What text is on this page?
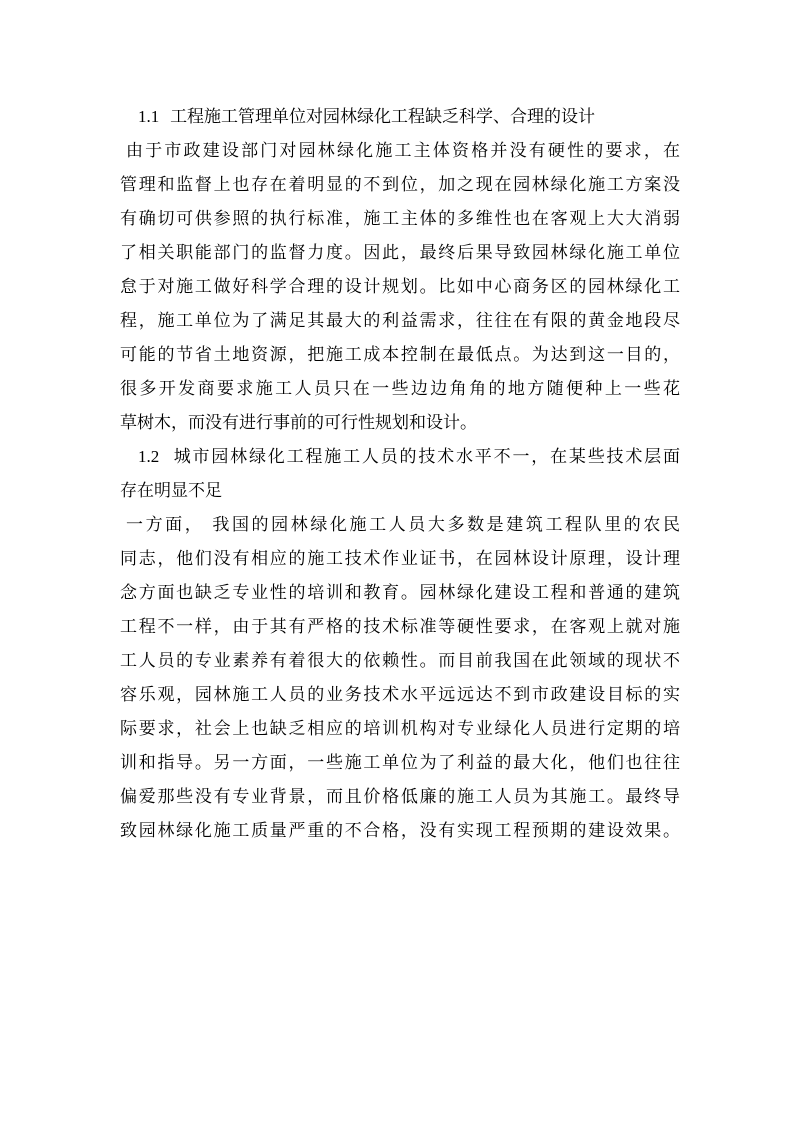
1.1 工程施工管理单位对园林绿化工程缺乏科学、合理的设计
由于市政建设部门对园林绿化施工主体资格并没有硬性的要求，在
管理和监督上也存在着明显的不到位，加之现在园林绿化施工方案没
有确切可供参照的执行标准，施工主体的多维性也在客观上大大消弱
了相关职能部门的监督力度。因此，最终后果导致园林绿化施工单位
怠于对施工做好科学合理的设计规划。比如中心商务区的园林绿化工
程，施工单位为了满足其最大的利益需求，往往在有限的黄金地段尽
可能的节省土地资源，把施工成本控制在最低点。为达到这一目的，
很多开发商要求施工人员只在一些边边角角的地方随便种上一些花
草树木，而没有进行事前的可行性规划和设计。
1.2 城市园林绿化工程施工人员的技术水平不一，在某些技术层面
存在明显不足
一方面， 我国的园林绿化施工人员大多数是建筑工程队里的农民
同志，他们没有相应的施工技术作业证书，在园林设计原理，设计理
念方面也缺乏专业性的培训和教育。园林绿化建设工程和普通的建筑
工程不一样，由于其有严格的技术标准等硬性要求，在客观上就对施
工人员的专业素养有着很大的依赖性。而目前我国在此领域的现状不
容乐观，园林施工人员的业务技术水平远远达不到市政建设目标的实
际要求，社会上也缺乏相应的培训机构对专业绿化人员进行定期的培
训和指导。另一方面，一些施工单位为了利益的最大化，他们也往往
偏爱那些没有专业背景，而且价格低廉的施工人员为其施工。最终导
致园林绿化施工质量严重的不合格，没有实现工程预期的建设效果。
